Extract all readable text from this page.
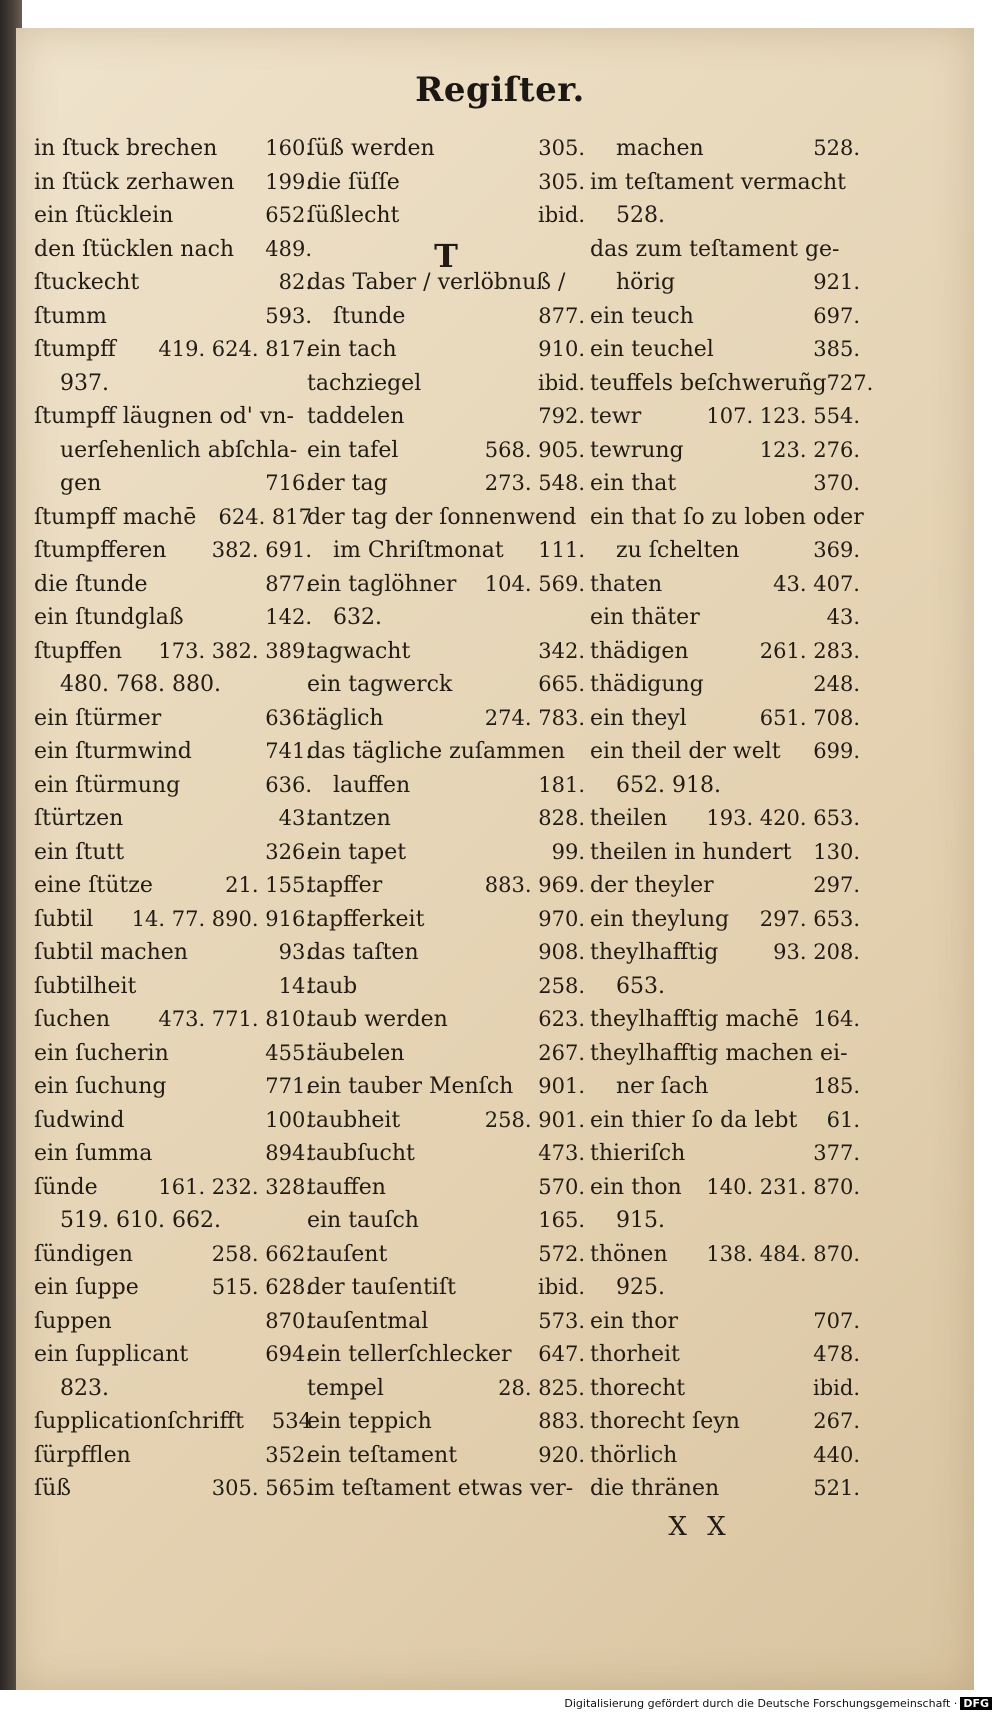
Regiſter.
in ſtuck brechen 160.
in ſtück zerhawen 199.
ein ſtücklein	652.
den ſtücklen nach 489.
ſtuckecht	82.
ſtumm	593.
ſtumpff 419. 624. 817.
937.
ſtumpff läugnen od' vn-
uerſehenlich abſchla-
gen	716.
ſtumpff machē 624. 817
ſtumpfferen 382. 691.
die ſtunde	877.
ein ſtundglaß	142.
ſtupffen 173. 382. 389.
480. 768. 880.
ein ſtürmer	636.
ein ſturmwind	741.
ein ſtürmung	636.
ſtürtzen	43.
ein ſtutt	326.
eine ſtütze	21. 155.
ſubtil 14. 77. 890. 916.
ſubtil machen	93.
ſubtilheit	14.
ſuchen 473. 771. 810.
ein ſucherin	455.
ein ſuchung	771.
ſudwind	100.
ein ſumma	894.
ſünde	161. 232. 328.
519. 610. 662.
ſündigen	258. 662.
ein ſuppe	515. 628.
ſuppen	870.
ein ſupplicant	694.
823.
ſupplicationſchrifft 534
ſürpfflen	352.
ſüß	305. 565.
ſüß werden	305.
die ſüſſe	305.
ſüßlecht	ibid.
T
das Taber / verlöbnuß /
ſtunde	877.
ein tach	910.
tachziegel	ibid.
taddelen	792.
ein tafel	568. 905.
der tag	273. 548.
der tag der ſonnenwend
im Chriſtmonat 111.
ein taglöhner 104. 569.
632.
tagwacht	342.
ein tagwerck	665.
täglich	274. 783.
das tägliche zuſammen
lauffen	181.
tantzen	828.
ein tapet	99.
tapffer	883. 969.
tapfferkeit	970.
das taſten	908.
taub	258.
taub werden	623.
täubelen	267.
ein tauber Menſch 901.
taubheit	258. 901.
taubſucht	473.
tauffen	570.
ein tauſch	165.
tauſent	572.
der tauſentiſt	ibid.
tauſentmal	573.
ein tellerſchlecker 647.
tempel	28. 825.
ein teppich	883.
ein teſtament	920.
im teſtament etwas ver-
machen	528.
im teſtament vermacht
528.
das zum teſtament ge-
hörig	921.
ein teuch	697.
ein teuchel	385.
teuffels beſchweruñg 727.
tewr	107. 123. 554.
tewrung	123. 276.
ein that	370.
ein that ſo zu loben oder
zu ſchelten	369.
thaten	43. 407.
ein thäter	43.
thädigen	261. 283.
thädigung	248.
ein theyl	651. 708.
ein theil der welt 699.
652. 918.
theilen 193. 420. 653.
theilen in hundert 130.
der theyler	297.
ein theylung 297. 653.
theylhafftig	93. 208.
653.
theylhafftig machē 164.
theylhafftig machen ei-
ner ſach	185.
ein thier ſo da lebt 61.
thieriſch	377.
ein thon 140. 231. 870.
915.
thönen 138. 484. 870.
925.
ein thor	707.
thorheit	478.
thorecht	ibid.
thorecht ſeyn	267.
thörlich	440.
die thränen	521.
X X
Digitalisierung gefördert durch die Deutsche Forschungsgemeinschaft · DFG
